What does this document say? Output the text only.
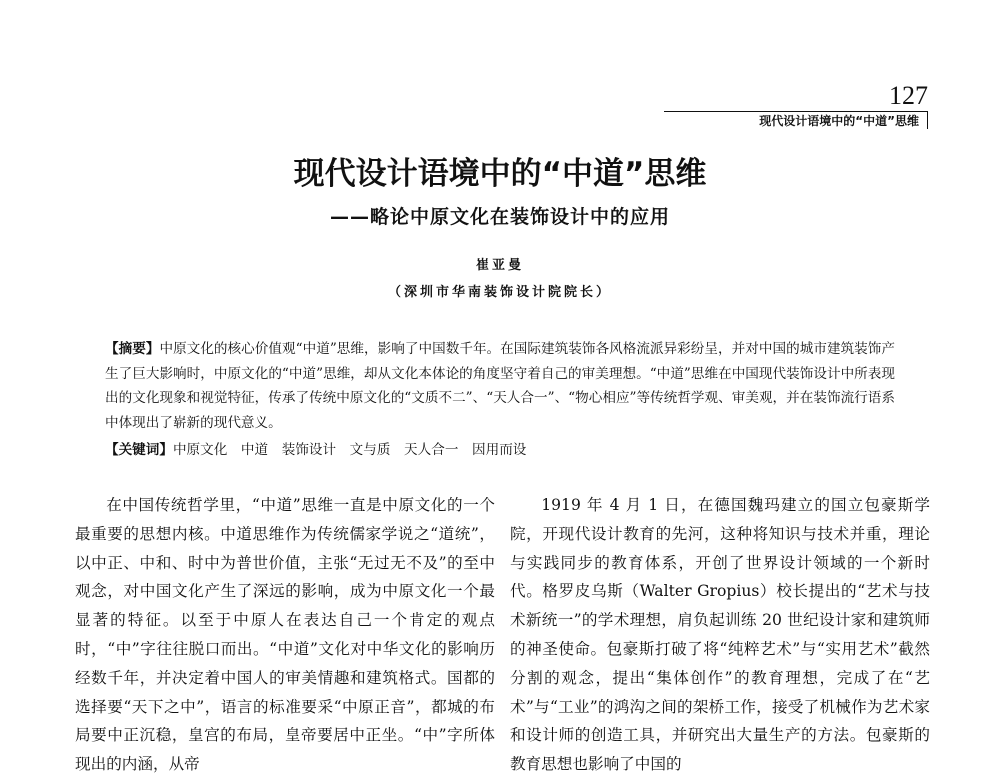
127
现代设计语境中的“中道”思维
现代设计语境中的“中道”思维
——略论中原文化在装饰设计中的应用
崔亚曼
（深圳市华南装饰设计院院长）
【摘要】中原文化的核心价值观“中道”思维，影响了中国数千年。在国际建筑装饰各风格流派异彩纷呈，并对中国的城市建筑装饰产生了巨大影响时，中原文化的“中道”思维，却从文化本体论的角度坚守着自己的审美理想。“中道”思维在中国现代装饰设计中所表现出的文化现象和视觉特征，传承了传统中原文化的“文质不二”、“天人合一”、“物心相应”等传统哲学观、审美观，并在装饰流行语系中体现出了崭新的现代意义。
【关键词】中原文化　中道　装饰设计　文与质　天人合一　因用而设
在中国传统哲学里，“中道”思维一直是中原文化的一个最重要的思想内核。中道思维作为传统儒家学说之“道统”，以中正、中和、时中为普世价值，主张“无过无不及”的至中观念，对中国文化产生了深远的影响，成为中原文化一个最显著的特征。以至于中原人在表达自己一个肯定的观点时，“中”字往往脱口而出。“中道”文化对中华文化的影响历经数千年，并决定着中国人的审美情趣和建筑格式。国都的选择要“天下之中”，语言的标准要采“中原正音”，都城的布局要中正沉稳，皇宫的布局，皇帝要居中正坐。“中”字所体现出的内涵，从帝
1919 年 4 月 1 日，在德国魏玛建立的国立包豪斯学院，开现代设计教育的先河，这种将知识与技术并重，理论与实践同步的教育体系，开创了世界设计领域的一个新时代。格罗皮乌斯（Walter Gropius）校长提出的“艺术与技术新统一”的学术理想，肩负起训练 20 世纪设计家和建筑师的神圣使命。包豪斯打破了将“纯粹艺术”与“实用艺术”截然分割的观念，提出“集体创作”的教育理想，完成了在“艺术”与“工业”的鸿沟之间的架桥工作，接受了机械作为艺术家和设计师的创造工具，并研究出大量生产的方法。包豪斯的教育思想也影响了中国的
